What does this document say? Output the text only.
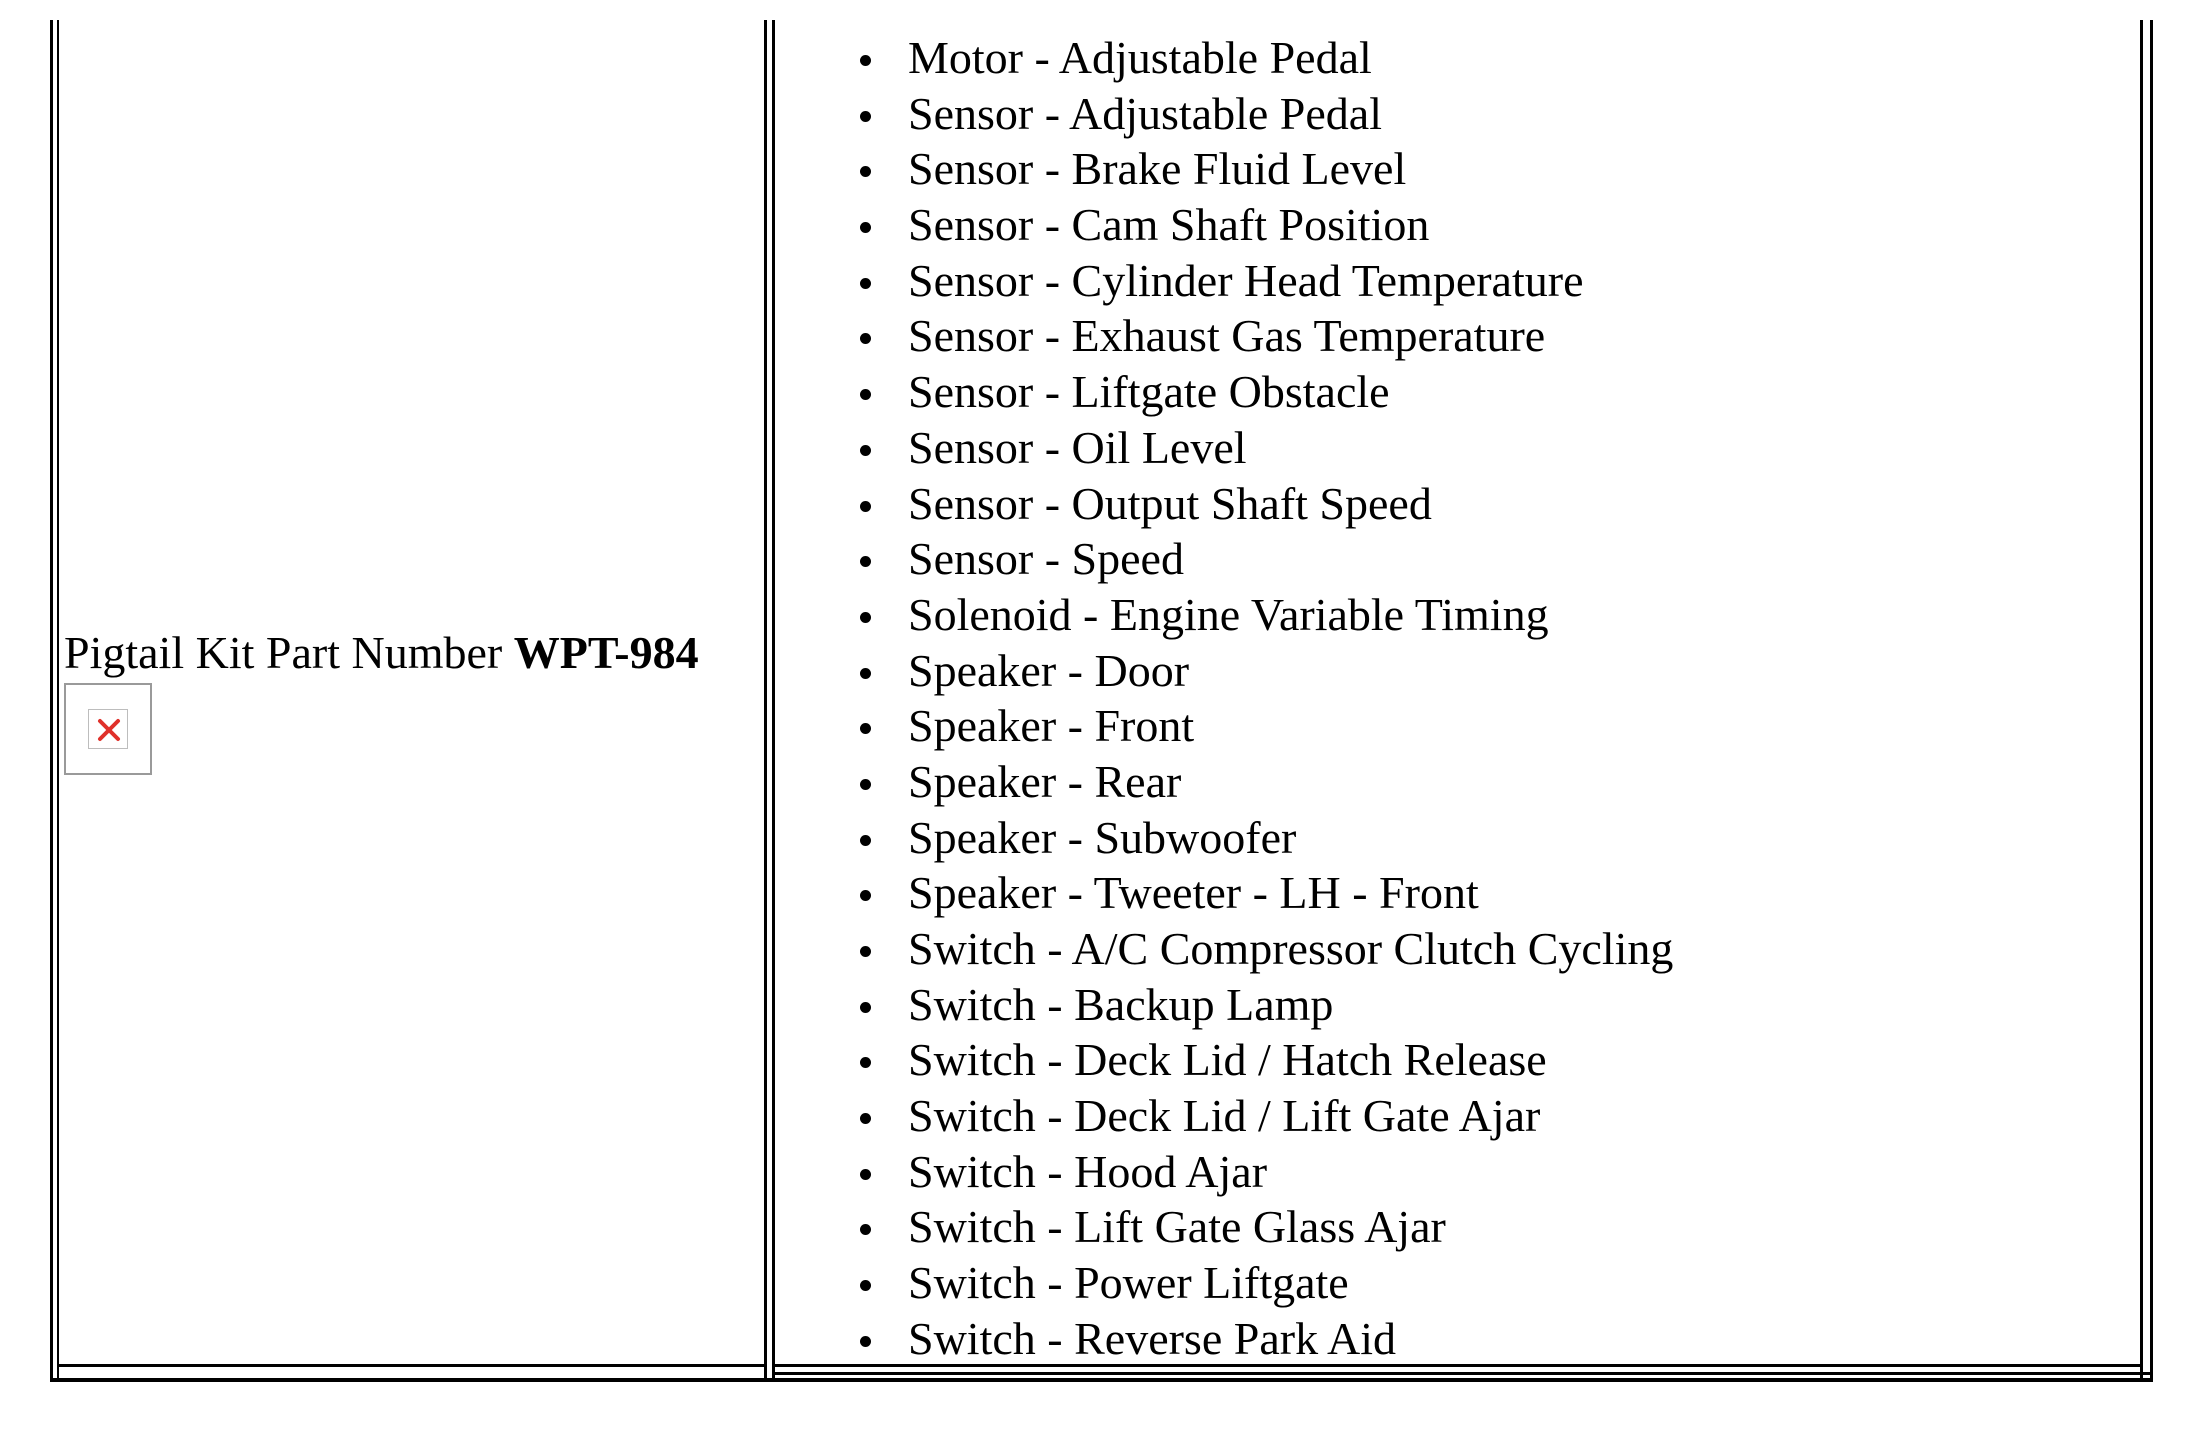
Pigtail Kit Part Number WPT-984
Motor - Adjustable Pedal
Sensor - Adjustable Pedal
Sensor - Brake Fluid Level
Sensor - Cam Shaft Position
Sensor - Cylinder Head Temperature
Sensor - Exhaust Gas Temperature
Sensor - Liftgate Obstacle
Sensor - Oil Level
Sensor - Output Shaft Speed
Sensor - Speed
Solenoid - Engine Variable Timing
Speaker - Door
Speaker - Front
Speaker - Rear
Speaker - Subwoofer
Speaker - Tweeter - LH - Front
Switch - A/C Compressor Clutch Cycling
Switch - Backup Lamp
Switch - Deck Lid / Hatch Release
Switch - Deck Lid / Lift Gate Ajar
Switch - Hood Ajar
Switch - Lift Gate Glass Ajar
Switch - Power Liftgate
Switch - Reverse Park Aid
